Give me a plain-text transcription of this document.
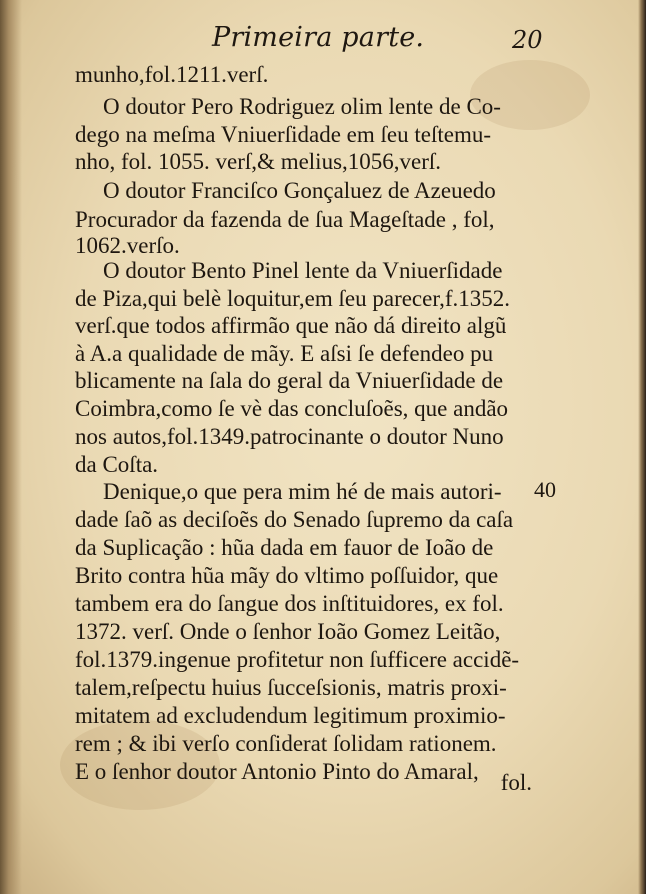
Primeira parte.	20
munho,fol.1211.verſ.
O doutor Pero Rodriguez olim lente de Co-
dego na meſma Vniuerſidade em ſeu teſtemu-
nho, fol. 1055. verſ,& melius,1056,verſ.
O doutor Franciſco Gonçaluez de Azeuedo
Procurador da fazenda de ſua Mageſtade , fol,
1062.verſo.
O doutor Bento Pinel lente da Vniuerſidade
de Piza,qui belè loquitur,em ſeu parecer,f.1352.
verſ.que todos affirmão que não dá direito algũ
à A.a qualidade de mãy. E aſsi ſe defendeo pu
blicamente na ſala do geral da Vniuerſidade de
Coimbra,como ſe vè das concluſoẽs, que andão
nos autos,fol.1349.patrocinante o doutor Nuno
da Coſta.
Denique,o que pera mim hé de mais autori-
dade ſaõ as deciſoẽs do Senado ſupremo da caſa
da Suplicação : hũa dada em fauor de Ioão de
Brito contra hũa mãy do vltimo poſſuidor, que
tambem era do ſangue dos inſtituidores, ex fol.
1372. verſ. Onde o ſenhor Ioão Gomez Leitão,
fol.1379.ingenue profitetur non ſufficere accidẽ-
talem,reſpectu huius ſucceſsionis, matris proxi-
mitatem ad excludendum legitimum proximio-
rem ; & ibi verſo conſiderat ſolidam rationem.
E o ſenhor doutor Antonio Pinto do Amaral,
40
fol.
